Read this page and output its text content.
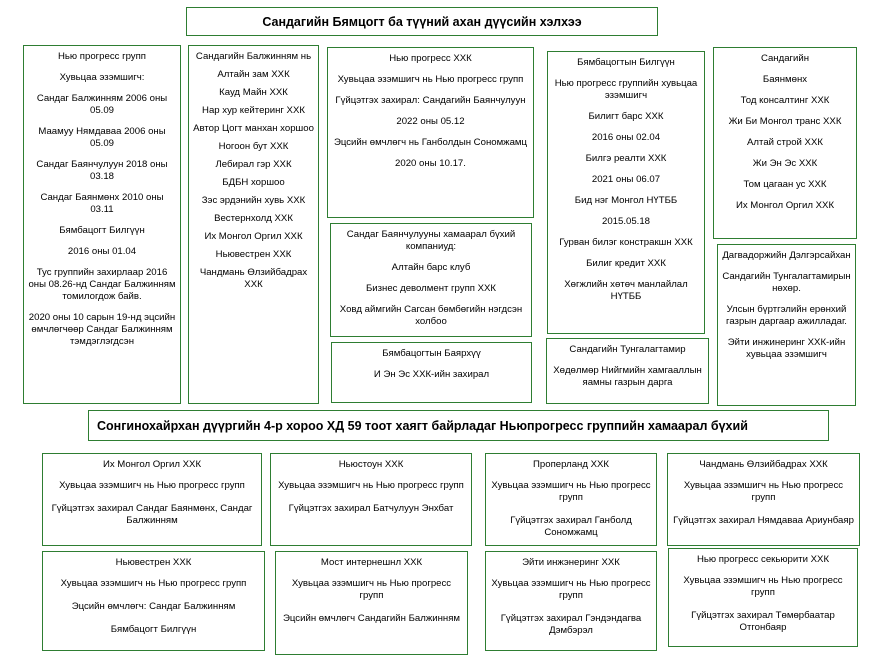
Сандагийн Бямцогт ба түүний ахан дүүсийн хэлхээ
Нью прогресс групп
Хувьцаа эзэмшигч:
Сандаг Балжинням 2006 оны 05.09
Маамуу Нямдаваа 2006 оны 05.09
Сандаг Баянчулуун 2018 оны 03.18
Сандаг Баянмөнх 2010 оны 03.11
Бямбацогт Билгүүн
2016 оны 01.04
Тус группийн захирлаар 2016 оны 08.26-нд Сандаг Балжинням томилогдож байв.
2020 оны 10 сарын 19-нд эцсийн өмчлөгчөөр Сандаг Балжинням тэмдэглэгдсэн
Сандагийн Балжинням нь
Алтайн зам ХХК
Кауд Майн ХХК
Нар хур кейтеринг ХХК
Автор Цогт манхан хоршоо
Ногоон бут ХХК
Лебирал гэр ХХК
БДБН хоршоо
Зэс эрдэнийн хувь ХХК
Вестернхолд ХХК
Их Монгол Оргил ХХК
Ньювестрен ХХК
Чандмань Өлзийбадрах ХХК
Нью прогресс ХХК
Хувьцаа эзэмшигч нь Нью прогресс групп
Гүйцэтгэх захирал: Сандагийн Баянчулуун
2022 оны 05.12
Эцсийн өмчлөгч нь Ганболдын Сономжамц
2020 оны 10.17.
Сандаг Баянчулууны хамаарал бүхий компаниуд:
Алтайн барс клуб
Бизнес деволмент групп ХХК
Ховд аймгийн Сагсан бөмбөгийн нэгдсэн холбоо
Бямбацогтын Баярхүү
И Эн Эс ХХК-ийн захирал
Бямбацогтын Билгүүн
Нью прогресс группийн хувьцаа эзэмшигч
Билигт барс ХХК
2016 оны 02.04
Билгэ реалти ХХК
2021 оны 06.07
Бид нэг Монгол НҮТББ
2015.05.18
Гурван билэг констракшн ХХК
Билиг кредит ХХК
Хөгжлийн хөтөч манлайлал НҮТББ
Сандагийн Тунгалагтамир
Хөдөлмөр Нийгмийн хамгааллын яамны газрын дарга
Сандагийн
Баянмөнх
Тод консалтинг ХХК
Жи Би Монгол транс ХХК
Алтай строй ХХК
Жи Эн Эс ХХК
Том цагаан ус ХХК
Их Монгол Оргил ХХК
Дагвадоржийн Дэлгэрсайхан
Сандагийн Тунгалагтамирын нөхөр.
Улсын бүртгэлийн ерөнхий газрын даргаар ажилладаг.
Эйти инжинеринг ХХК-ийн хувьцаа эзэмшигч
Сонгинохайрхан дүүргийн 4-р хороо ХД 59 тоот хаягт байрладаг Ньюпрогресс группийн хамаарал бүхий
Их Монгол Оргил ХХК
Хувьцаа эзэмшигч нь Нью прогресс групп
Гүйцэтгэх захирал Сандаг Баянмөнх, Сандаг Балжинням
Ньюстоун ХХК
Хувьцаа эзэмшигч нь Нью прогресс групп
Гүйцэтгэх захирал Батчулуун Энхбат
Проперланд ХХК
Хувьцаа эзэмшигч нь Нью прогресс групп
Гүйцэтгэх захирал Ганболд Сономжамц
Чандмань Өлзийбадрах ХХК
Хувьцаа эзэмшигч нь Нью прогресс групп
Гүйцэтгэх захирал Нямдаваа Ариунбаяр
Ньювестрен ХХК
Хувьцаа эзэмшигч нь Нью прогресс групп
Эцсийн өмчлөгч: Сандаг Балжинням
Бямбацогт Билгүүн
Мост интернешнл ХХК
Хувьцаа эзэмшигч нь Нью прогресс групп
Эцсийн өмчлөгч Сандагийн Балжинням
Эйти инжэнеринг ХХК
Хувьцаа эзэмшигч нь Нью прогресс групп
Гүйцэтгэх захирал Гэндэндагва Дэмбэрэл
Нью прогресс секьюрити ХХК
Хувьцаа эзэмшигч нь Нью прогресс групп
Гүйцэтгэх захирал Төмөрбаатар Отгонбаяр
